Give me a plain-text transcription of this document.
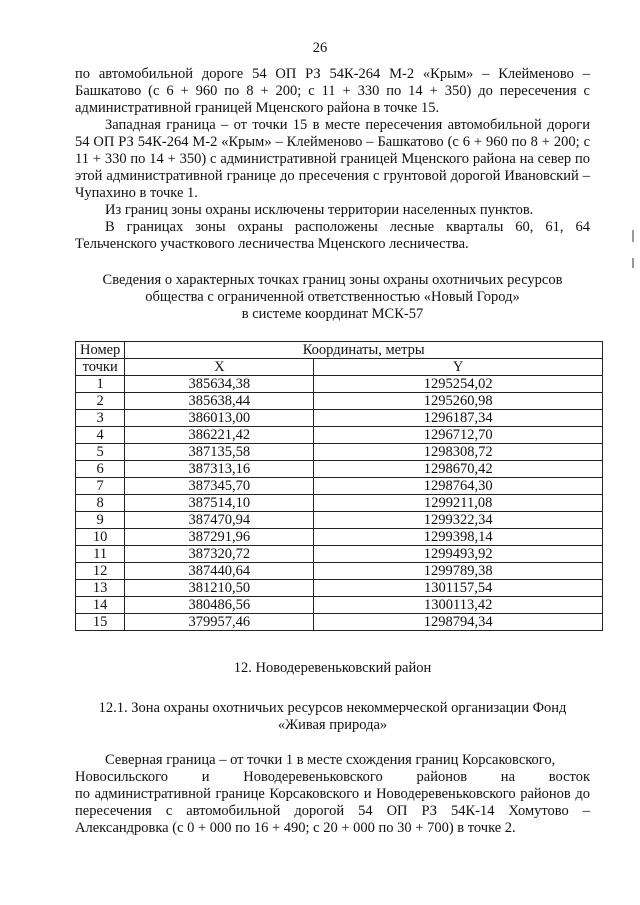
26

по автомобильной дороге 54 ОП РЗ 54К-264 М-2 «Крым» – Клейменово – Башкатово (с 6 + 960 по 8 + 200; с 11 + 330 по 14 + 350) до пересечения с административной границей Мценского района в точке 15.

Западная граница – от точки 15 в месте пересечения автомобильной дороги 54 ОП РЗ 54К-264 М-2 «Крым» – Клейменово – Башкатово (с 6 + 960 по 8 + 200; с 11 + 330 по 14 + 350) с административной границей Мценского района на север по этой административной границе до пресечения с грунтовой дорогой Ивановский – Чупахино в точке 1.

Из границ зоны охраны исключены территории населенных пунктов.

В границах зоны охраны расположены лесные кварталы 60, 61, 64 Тельченского участкового лесничества Мценского лесничества.

Сведения о характерных точках границ зоны охраны охотничьих ресурсов

общества с ограниченной ответственностью «Новый Город»

в системе координат МСК-57

Номер	Координаты, метры	
точки	X	Y
1	385634,38	1295254,02
2	385638,44	1295260,98
3	386013,00	1296187,34
4	386221,42	1296712,70
5	387135,58	1298308,72
6	387313,16	1298670,42
7	387345,70	1298764,30
8	387514,10	1299211,08
9	387470,94	1299322,34
10	387291,96	1299398,14
11	387320,72	1299493,92
12	387440,64	1299789,38
13	381210,50	1301157,54
14	380486,56	1300113,42
15	379957,46	1298794,34
12. Новодеревеньковский район

12.1. Зона охраны охотничьих ресурсов некоммерческой организации Фонд

«Живая природа»

Северная граница – от точки 1 в месте схождения границ Корсаковского,

Новосильского и Новодеревеньковского районов на восток

по административной границе Корсаковского и Новодеревеньковского районов до пересечения с автомобильной дорогой 54 ОП РЗ 54К-14 Хомутово – Александровка (с 0 + 000 по 16 + 490; с 20 + 000 по 30 + 700) в точке 2.
